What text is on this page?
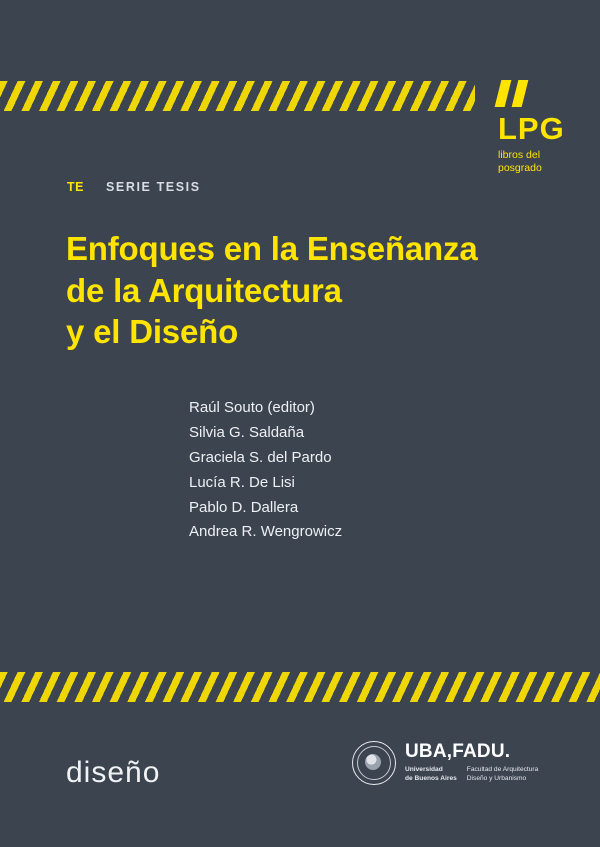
LPG
libros del
posgrado
TE SERIE TESIS
Enfoques en la Enseñanza
de la Arquitectura
y el Diseño
Raúl Souto (editor)
Silvia G. Saldaña
Graciela S. del Pardo
Lucía R. De Lisi
Pablo D. Dallera
Andrea R. Wengrowicz
diseño
UBA,FADU.
Universidad
de Buenos Aires
Facultad de Arquitectura
Diseño y Urbanismo
